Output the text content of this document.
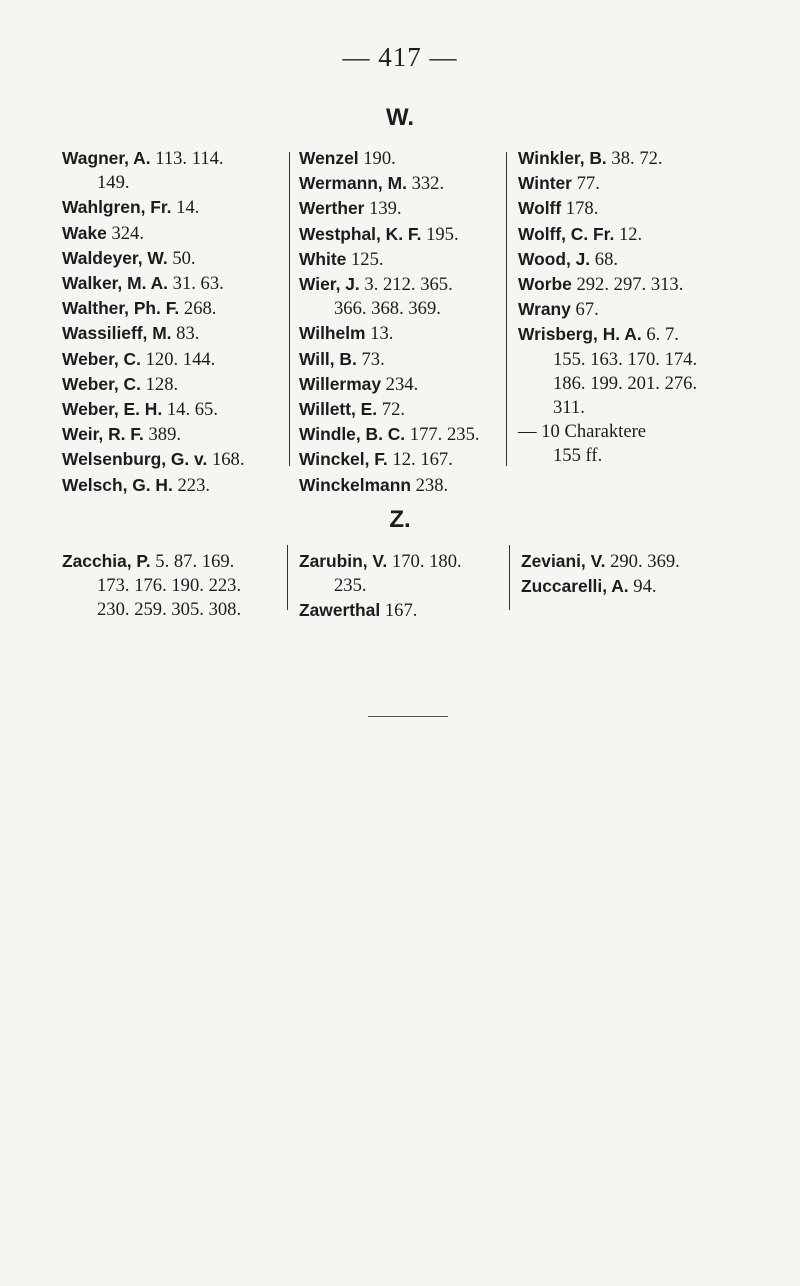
— 417 —
W.
Wagner, A. 113. 114.
149.
Wahlgren, Fr. 14.
Wake 324.
Waldeyer, W. 50.
Walker, M. A. 31. 63.
Walther, Ph. F. 268.
Wassilieff, M. 83.
Weber, C. 120. 144.
Weber, C. 128.
Weber, E. H. 14. 65.
Weir, R. F. 389.
Welsenburg, G. v. 168.
Welsch, G. H. 223.
Wenzel 190.
Wermann, M. 332.
Werther 139.
Westphal, K. F. 195.
White 125.
Wier, J. 3. 212. 365.
366. 368. 369.
Wilhelm 13.
Will, B. 73.
Willermay 234.
Willett, E. 72.
Windle, B. C. 177. 235.
Winckel, F. 12. 167.
Winckelmann 238.
Winkler, B. 38. 72.
Winter 77.
Wolff 178.
Wolff, C. Fr. 12.
Wood, J. 68.
Worbe 292. 297. 313.
Wrany 67.
Wrisberg, H. A. 6. 7.
155. 163. 170. 174.
186. 199. 201. 276.
311.
— 10 Charaktere
155 ff.
Z.
Zacchia, P. 5. 87. 169.
173. 176. 190. 223.
230. 259. 305. 308.
Zarubin, V. 170. 180.
235.
Zawerthal 167.
Zeviani, V. 290. 369.
Zuccarelli, A. 94.
